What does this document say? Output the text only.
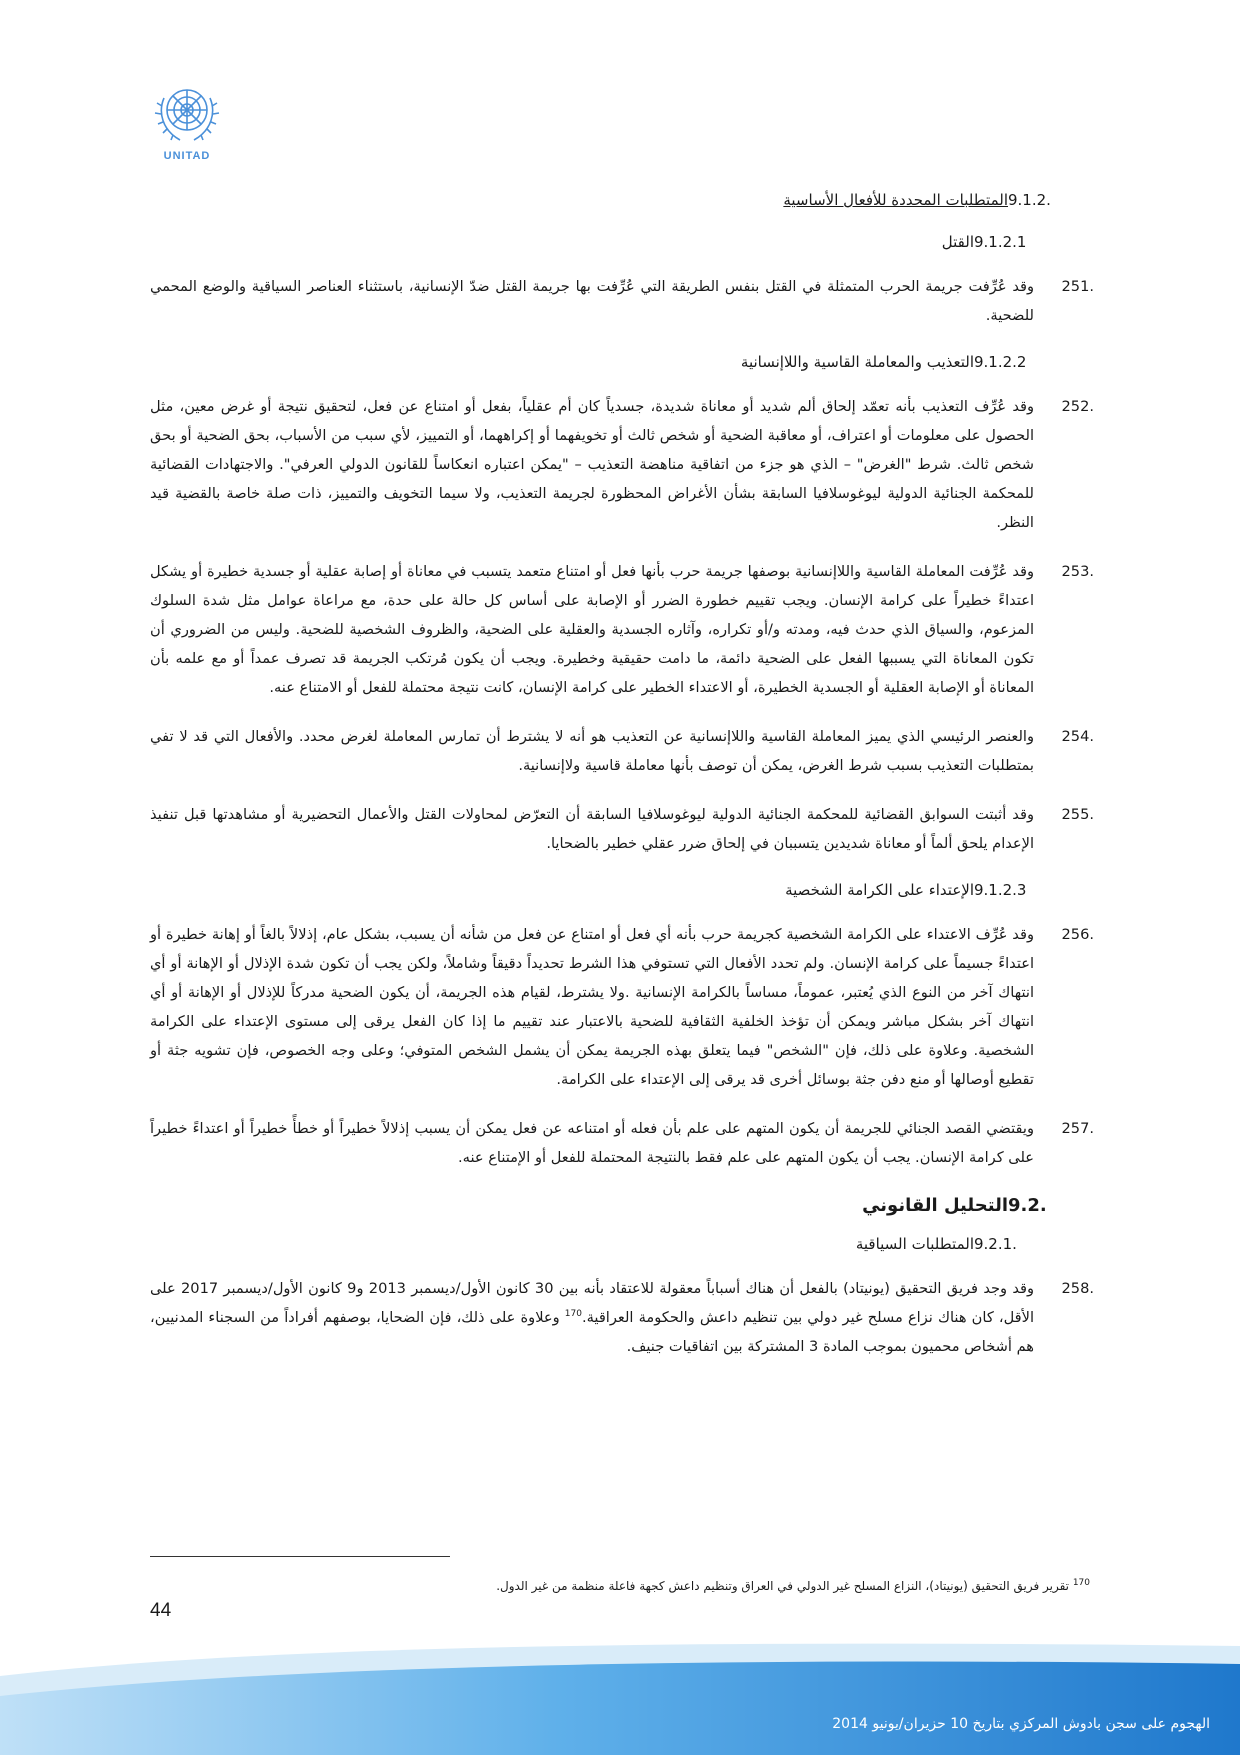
UNITAD
9.1.2.
المتطلبات المحددة للأفعال الأساسية
9.1.2.1
القتل
251.
وقد عُرِّفت جريمة الحرب المتمثلة في القتل بنفس الطريقة التي عُرِّفت بها جريمة القتل ضدّ الإنسانية، باستثناء العناصر السياقية والوضع المحمي للضحية.
9.1.2.2
التعذيب والمعاملة القاسية واللاإنسانية
252.
وقد عُرِّف التعذيب بأنه تعمّد إلحاق ألم شديد أو معاناة شديدة، جسدياً كان أم عقلياً، بفعل أو امتناع عن فعل، لتحقيق نتيجة أو غرض معين، مثل الحصول على معلومات أو اعتراف، أو معاقبة الضحية أو شخص ثالث أو تخويفهما أو إكراههما، أو التمييز، لأي سبب من الأسباب، بحق الضحية أو بحق شخص ثالث. شرط "الغرض" – الذي هو جزء من اتفاقية مناهضة التعذيب – "يمكن اعتباره انعكاساً للقانون الدولي العرفي". والاجتهادات القضائية للمحكمة الجنائية الدولية ليوغوسلافيا السابقة بشأن الأغراض المحظورة لجريمة التعذيب، ولا سيما التخويف والتمييز، ذات صلة خاصة بالقضية قيد النظر.
253.
وقد عُرِّفت المعاملة القاسية واللاإنسانية بوصفها جريمة حرب بأنها فعل أو امتناع متعمد يتسبب في معاناة أو إصابة عقلية أو جسدية خطيرة أو يشكل اعتداءً خطيراً على كرامة الإنسان. ويجب تقييم خطورة الضرر أو الإصابة على أساس كل حالة على حدة، مع مراعاة عوامل مثل شدة السلوك المزعوم، والسياق الذي حدث فيه، ومدته و/أو تكراره، وآثاره الجسدية والعقلية على الضحية، والظروف الشخصية للضحية. وليس من الضروري أن تكون المعاناة التي يسببها الفعل على الضحية دائمة، ما دامت حقيقية وخطيرة. ويجب أن يكون مُرتكب الجريمة قد تصرف عمداً أو مع علمه بأن المعاناة أو الإصابة العقلية أو الجسدية الخطيرة، أو الاعتداء الخطير على كرامة الإنسان، كانت نتيجة محتملة للفعل أو الامتناع عنه.
254.
والعنصر الرئيسي الذي يميز المعاملة القاسية واللاإنسانية عن التعذيب هو أنه لا يشترط أن تمارس المعاملة لغرض محدد. والأفعال التي قد لا تفي بمتطلبات التعذيب بسبب شرط الغرض، يمكن أن توصف بأنها معاملة قاسية ولاإنسانية.
255.
وقد أثبتت السوابق القضائية للمحكمة الجنائية الدولية ليوغوسلافيا السابقة أن التعرّض لمحاولات القتل والأعمال التحضيرية أو مشاهدتها قبل تنفيذ الإعدام يلحق ألماً أو معاناة شديدين يتسببان في إلحاق ضرر عقلي خطير بالضحايا.
9.1.2.3
الإعتداء على الكرامة الشخصية
256.
وقد عُرِّف الاعتداء على الكرامة الشخصية كجريمة حرب بأنه أي فعل أو امتناع عن فعل من شأنه أن يسبب، بشكل عام، إذلالاً بالغاً أو إهانة خطيرة أو اعتداءً جسيماً على كرامة الإنسان. ولم تحدد الأفعال التي تستوفي هذا الشرط تحديداً دقيقاً وشاملاً، ولكن يجب أن تكون شدة الإذلال أو الإهانة أو أي انتهاك آخر من النوع الذي يُعتبر، عموماً، مساساً بالكرامة الإنسانية .ولا يشترط، لقيام هذه الجريمة، أن يكون الضحية مدركاً للإذلال أو الإهانة أو أي انتهاك آخر بشكل مباشر ويمكن أن تؤخذ الخلفية الثقافية للضحية بالاعتبار عند تقييم ما إذا كان الفعل يرقى إلى مستوى الإعتداء على الكرامة الشخصية. وعلاوة على ذلك، فإن "الشخص" فيما يتعلق بهذه الجريمة يمكن أن يشمل الشخص المتوفي؛ وعلى وجه الخصوص، فإن تشويه جثة أو تقطيع أوصالها أو منع دفن جثة بوسائل أخرى قد يرقى إلى الإعتداء على الكرامة.
257.
ويقتضي القصد الجنائي للجريمة أن يكون المتهم على علم بأن فعله أو امتناعه عن فعل يمكن أن يسبب إذلالاً خطيراً أو خطأً خطيراً أو اعتداءً خطيراً على كرامة الإنسان. يجب أن يكون المتهم على علم فقط بالنتيجة المحتملة للفعل أو الإمتناع عنه.
9.2.
التحليل القانوني
9.2.1.
المتطلبات السياقية
258.
وقد وجد فريق التحقيق (يونيتاد) بالفعل أن هناك أسباباً معقولة للاعتقاد بأنه بين 30 كانون الأول/ديسمبر 2013 و9 كانون الأول/ديسمبر 2017 على الأقل، كان هناك نزاع مسلح غير دولي بين تنظيم داعش والحكومة العراقية.$^{170}$ وعلاوة على ذلك، فإن الضحايا، بوصفهم أفراداً من السجناء المدنيين، هم أشخاص محميون بموجب المادة 3 المشتركة بين اتفاقيات جنيف.
$^{170}$ تقرير فريق التحقيق (يونيتاد)، النزاع المسلح غير الدولي في العراق وتنظيم داعش كجهة فاعلة منظمة من غير الدول.
44
الهجوم على سجن بادوش المركزي بتاريخ 10 حزيران/يونيو 2014
